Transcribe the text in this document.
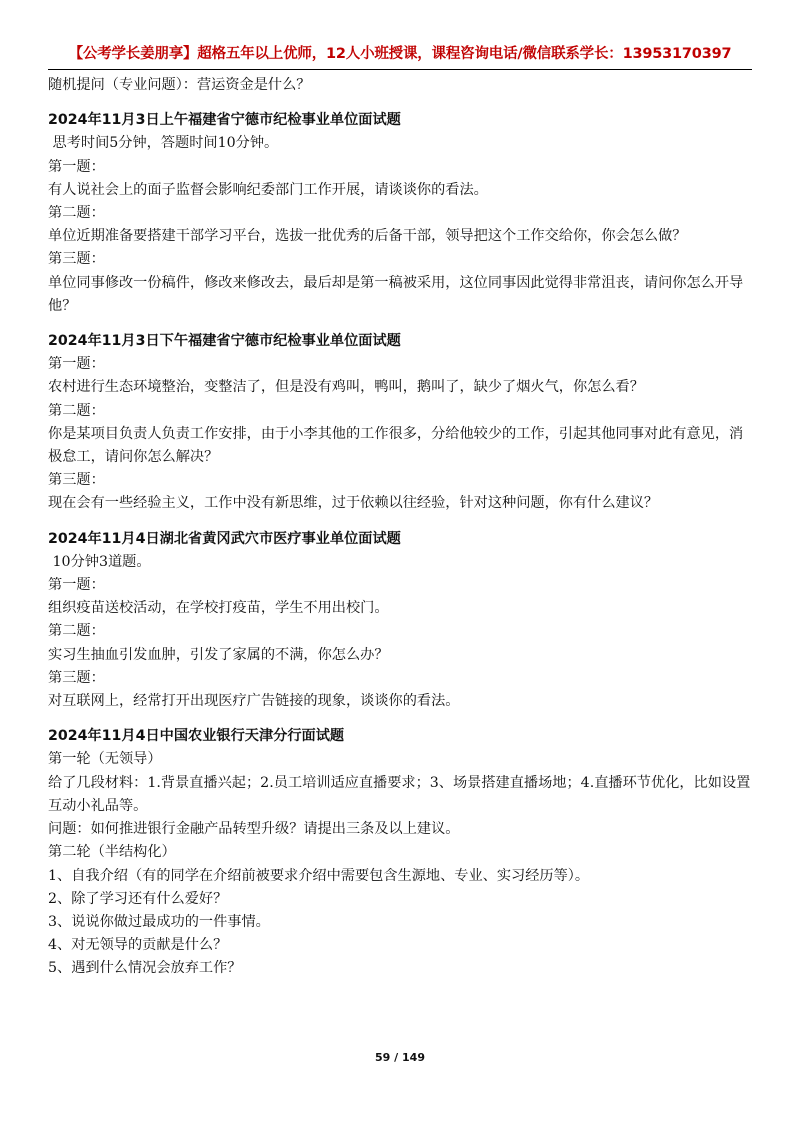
【公考学长姜朋享】超格五年以上优师，12人小班授课，课程咨询电话/微信联系学长：13953170397

随机提问（专业问题）：营运资金是什么？

2024年11月3日上午福建省宁德市纪检事业单位面试题

思考时间5分钟，答题时间10分钟。

第一题：

有人说社会上的面子监督会影响纪委部门工作开展，请谈谈你的看法。

第二题：

单位近期准备要搭建干部学习平台，选拔一批优秀的后备干部，领导把这个工作交给你，你会怎么做？

第三题：

单位同事修改一份稿件，修改来修改去，最后却是第一稿被采用，这位同事因此觉得非常沮丧，请问你怎么开导他？

2024年11月3日下午福建省宁德市纪检事业单位面试题

第一题：

农村进行生态环境整治，变整洁了，但是没有鸡叫，鸭叫，鹅叫了，缺少了烟火气，你怎么看？

第二题：

你是某项目负责人负责工作安排，由于小李其他的工作很多，分给他较少的工作，引起其他同事对此有意见，消极怠工，请问你怎么解决？

第三题：

现在会有一些经验主义，工作中没有新思维，过于依赖以往经验，针对这种问题，你有什么建议？

2024年11月4日湖北省黄冈武穴市医疗事业单位面试题

10分钟3道题。

第一题：

组织疫苗送校活动，在学校打疫苗，学生不用出校门。

第二题：

实习生抽血引发血肿，引发了家属的不满，你怎么办？

第三题：

对互联网上，经常打开出现医疗广告链接的现象，谈谈你的看法。

2024年11月4日中国农业银行天津分行面试题

第一轮（无领导）

给了几段材料：1.背景直播兴起；2.员工培训适应直播要求；3、场景搭建直播场地；4.直播环节优化，比如设置互动小礼品等。

问题：如何推进银行金融产品转型升级？请提出三条及以上建议。

第二轮（半结构化）

1、自我介绍（有的同学在介绍前被要求介绍中需要包含生源地、专业、实习经历等）。

2、除了学习还有什么爱好？

3、说说你做过最成功的一件事情。

4、对无领导的贡献是什么？

5、遇到什么情况会放弃工作？

59 / 149
